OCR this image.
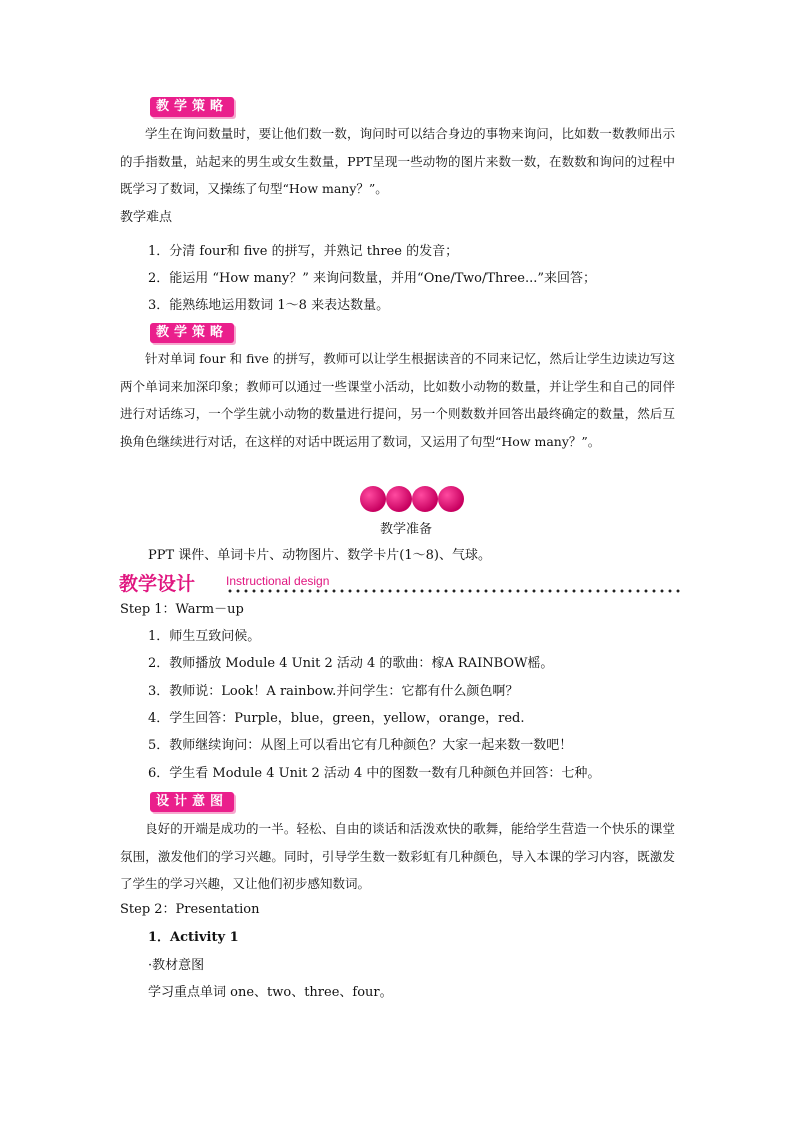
教学策略
学生在询问数量时，要让他们数一数，询问时可以结合身边的事物来询问，比如数一数教师出示的手指数量，站起来的男生或女生数量，PPT呈现一些动物的图片来数一数，在数数和询问的过程中既学习了数词，又操练了句型“How many？”。
教学难点
1．分清 four和 five 的拼写，并熟记 three 的发音；
2．能运用 “How many？” 来询问数量，并用“One/Two/Three...”来回答；
3．能熟练地运用数词 1～8 来表达数量。
教学策略
针对单词 four 和 five 的拼写，教师可以让学生根据读音的不同来记忆，然后让学生边读边写这两个单词来加深印象；教师可以通过一些课堂小活动，比如数小动物的数量，并让学生和自己的同伴进行对话练习，一个学生就小动物的数量进行提问，另一个则数数并回答出最终确定的数量，然后互换角色继续进行对话，在这样的对话中既运用了数词，又运用了句型“How many？”。
教学准备
PPT 课件、单词卡片、动物图片、数学卡片(1～8)、气球。
教学设计	Instructional design
Step 1：Warm－up
1．师生互致问候。
2．教师播放 Module 4 Unit 2 活动 4 的歌曲：榢A RAINBOW榣。
3．教师说：Look！A rainbow.并问学生：它都有什么颜色啊？
4．学生回答：Purple，blue，green，yellow，orange，red.
5．教师继续询问：从图上可以看出它有几种颜色？大家一起来数一数吧！
6．学生看 Module 4 Unit 2 活动 4 中的图数一数有几种颜色并回答：七种。
设计意图
良好的开端是成功的一半。轻松、自由的谈话和活泼欢快的歌舞，能给学生营造一个快乐的课堂氛围，激发他们的学习兴趣。同时，引导学生数一数彩虹有几种颜色，导入本课的学习内容，既激发了学生的学习兴趣，又让他们初步感知数词。
Step 2：Presentation
1．Activity 1
·教材意图
学习重点单词 one、two、three、four。
